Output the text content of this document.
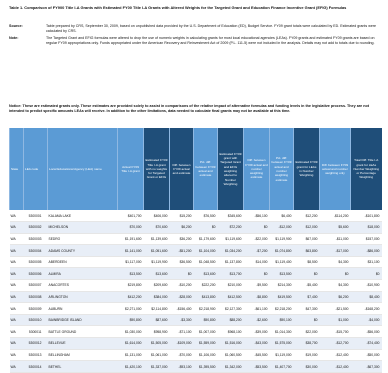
Table 1. Comparison of FY900 Title I-A Grants with Estimated FY00 Title I-A Grants with Altered Weights for the Targeted Grant and Education Finance Incentive Grant (EFIG) Formulas
Source:	Table prepared by CRS, September 30, 2009, based on unpublished data provided by the U.S. Department of Education (ED), Budget Service. FY09 grant totals were calculated by ED. Estimated grants were calculated by CRS.
Note:	The Targeted Grant and EFIG formulas were altered to drop the use of numeric weights in calculating grants for most local educational agencies (LEAs). FY09 grants and estimated FY09 grants are based on regular FY09 appropriations only. Funds appropriated under the American Recovery and Reinvestment Act of 2009 (P.L. 111-5) were not included in the analysis. Details may not add to totals due to rounding.
Notice: These are estimated grants only. These estimates are provided solely to assist in comparisons of the relative impact of alternative formulas and funding levels in the legislative process. They are not intended to predict specific amounts LEAs will receive. In addition to the other limitations, data needed to calculate final grants may not be available at this time.
State	LEA code	Local Educational Agency (LEA) name	Actual FY09 Title I-A grant	Estimated FY09 Title I-A grant with no weights for Targeted Grant or EFIG	Diff. between FY09 actual and estimate	Pct. diff. between FY09 actual and estimate	Estimated FY09 grant with Targeted Grant and EFIG weighting altered to Number Weighting	Diff. between FY09 actual and number weighting estimate	Pct. diff. between FY09 actual and number weighting estimate	Estimated FY09 grant for LEAs in Number Weighting	Diff. between FY09 actual and number weighting only	Total Diff. Title I-A grant for LEAs Number Weighting or Percentage Weighting
WA	5300001	KALAMA LAKE	$401,700	$406,000	$15,200	$76,500	$345,600	-$56,100	$6,400	$12,200	-$114,200	-$101,800
WA	5300002	MICHELSON	$70,000	$70,600	$6,200	$0	$72,200	$0	-$12,000	$12,000	$5,600	$18,000
WA	5300003	SEDRO	$1,191,600	$1,139,600	$36,200	$1,179,600	$1,119,600	-$22,000	$1,119,900	$67,000	-$11,000	$157,000
WA	5300004	ADAMS COUNTY	$1,141,000	$1,051,600	-$51,200	$1,104,000	$1,034,200	-$7,200	$1,074,800	$63,800	-$17,000	-$86,000
WA	5300005	ABERDEEN	$1,117,000	$1,119,900	$36,500	$1,048,500	$1,137,800	$14,000	$1,119,400	$8,500	$4,300	$31,100
WA	5300006	ALMIRA	$13,500	$13,600	$0	$13,600	$13,700	$0	$13,500	$0	$0	$0
WA	5300007	ANACORTES	$219,800	$209,600	-$10,200	$222,200	$210,000	-$9,500	$214,300	-$5,400	$4,300	-$10,900
WA	5300008	ARLINGTON	$412,200	$384,000	-$28,000	$413,800	$412,500	-$8,800	$419,500	$7,400	$6,200	$8,400
WA	5300009	AUBURN	$2,271,000	$2,114,800	-$156,400	$2,218,900	$2,127,300	-$61,100	$2,218,200	$47,300	-$21,500	-$168,200
WA	5300010	BAINBRIDGE ISLAND	$90,800	$87,600	-$3,300	$90,800	$88,200	-$2,600	$90,100	$0	$1,000	-$4,000
WA	5300011	BATTLE GROUND	$1,030,000	$958,900	-$71,100	$1,007,000	$968,100	-$39,000	$1,014,300	$22,000	-$15,700	-$56,000
WA	5300012	BELLEVUE	$1,614,000	$1,505,000	-$109,000	$1,559,000	$1,516,000	-$43,000	$1,575,000	$38,700	-$12,700	-$74,400
WA	5300013	BELLINGHAM	$1,131,000	$1,061,000	-$70,000	$1,106,000	$1,060,500	-$45,500	$1,119,000	$19,000	-$12,400	-$50,000
WA	5300014	BETHEL	$1,420,100	$1,337,000	-$93,100	$1,395,500	$1,342,000	-$53,500	$1,407,700	$30,000	-$12,400	-$67,300
